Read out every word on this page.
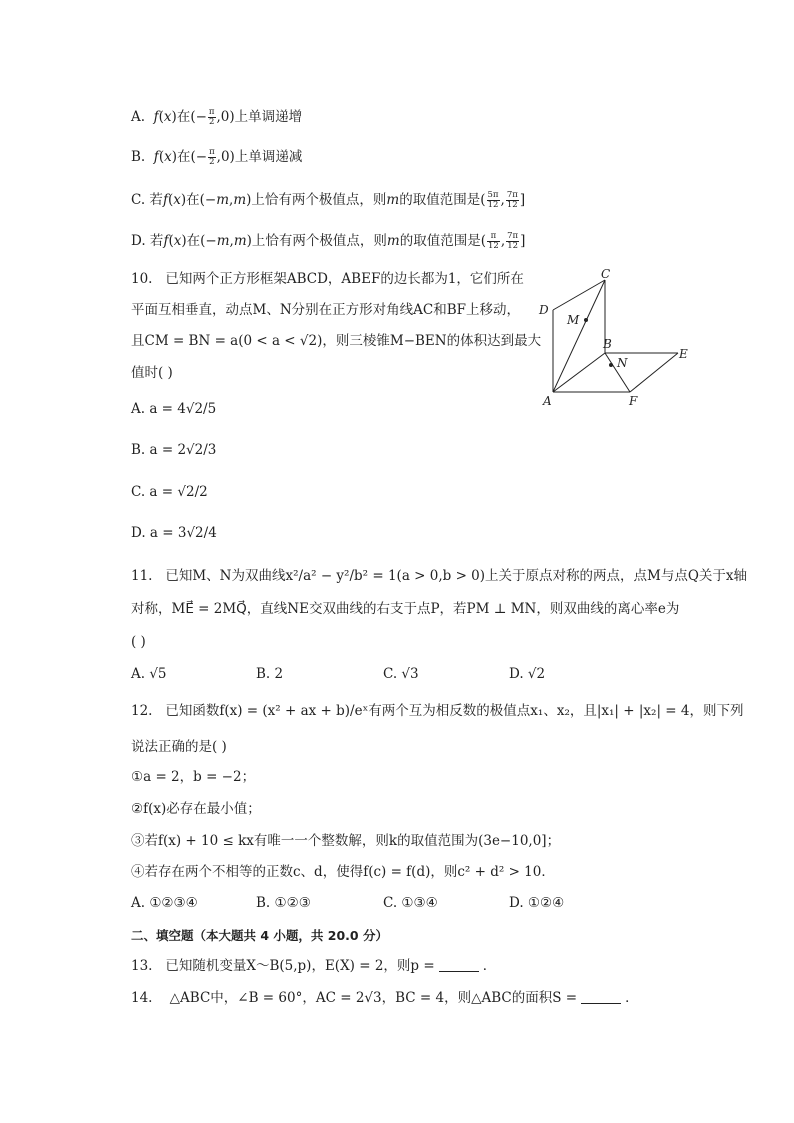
A.  f(x)在(− $\frac{\pi}{2} ,0$)上单调递增
B.  f(x)在(− $\frac{\pi}{2} ,0$)上单调递减
C. 若f(x)在(−m,m)上恰有两个极值点，则m的取值范围是( $\frac{5\pi}{12}$ , $\frac{7\pi}{12}$ ]
D. 若f(x)在(−m,m)上恰有两个极值点，则m的取值范围是( $\frac{\pi}{12}$ , $\frac{7\pi}{12}$ ]
10. 已知两个正方形框架ABCD，ABEF的边长都为1，它们所在
平面互相垂直，动点M、N分别在正方形对角线AC和BF上移动，
且CM = BN = a(0 < a < √2)，则三棱锥M−BEN的体积达到最大
值时( )
A. a = 4√2/5
B. a = 2√2/3
C. a = √2/2
D. a = 3√2/4
C
D
M
B
N
E
A	F
11. 已知M、N为双曲线x²/a² − y²/b² = 1(a > 0,b > 0)上关于原点对称的两点，点M与点Q关于x轴
对称，ME⃗ = 2MQ⃗，直线NE交双曲线的右支于点P，若PM ⊥ MN，则双曲线的离心率e为
( )
A. √5	B. 2	C. √3	D. √2
12. 已知函数f(x) = (x² + ax + b)/eˣ有两个互为相反数的极值点x₁、x₂，且|x₁| + |x₂| = 4，则下列
说法正确的是( )
①a = 2，b = −2；
②f(x)必存在最小值；
③若f(x) + 10 ≤ kx有唯一一个整数解，则k的取值范围为(3e−10,0]；
④若存在两个不相等的正数c、d，使得f(c) = f(d)，则c² + d² > 10．
A. ①②③④	B. ①②③	C. ①③④	D. ①②④
二、填空题（本大题共 4 小题，共 20.0 分）
13. 已知随机变量X～B(5,p)，E(X) = 2，则p =	．
14. △ABC中，∠B = 60°，AC = 2√3，BC = 4，则△ABC的面积S =	．
